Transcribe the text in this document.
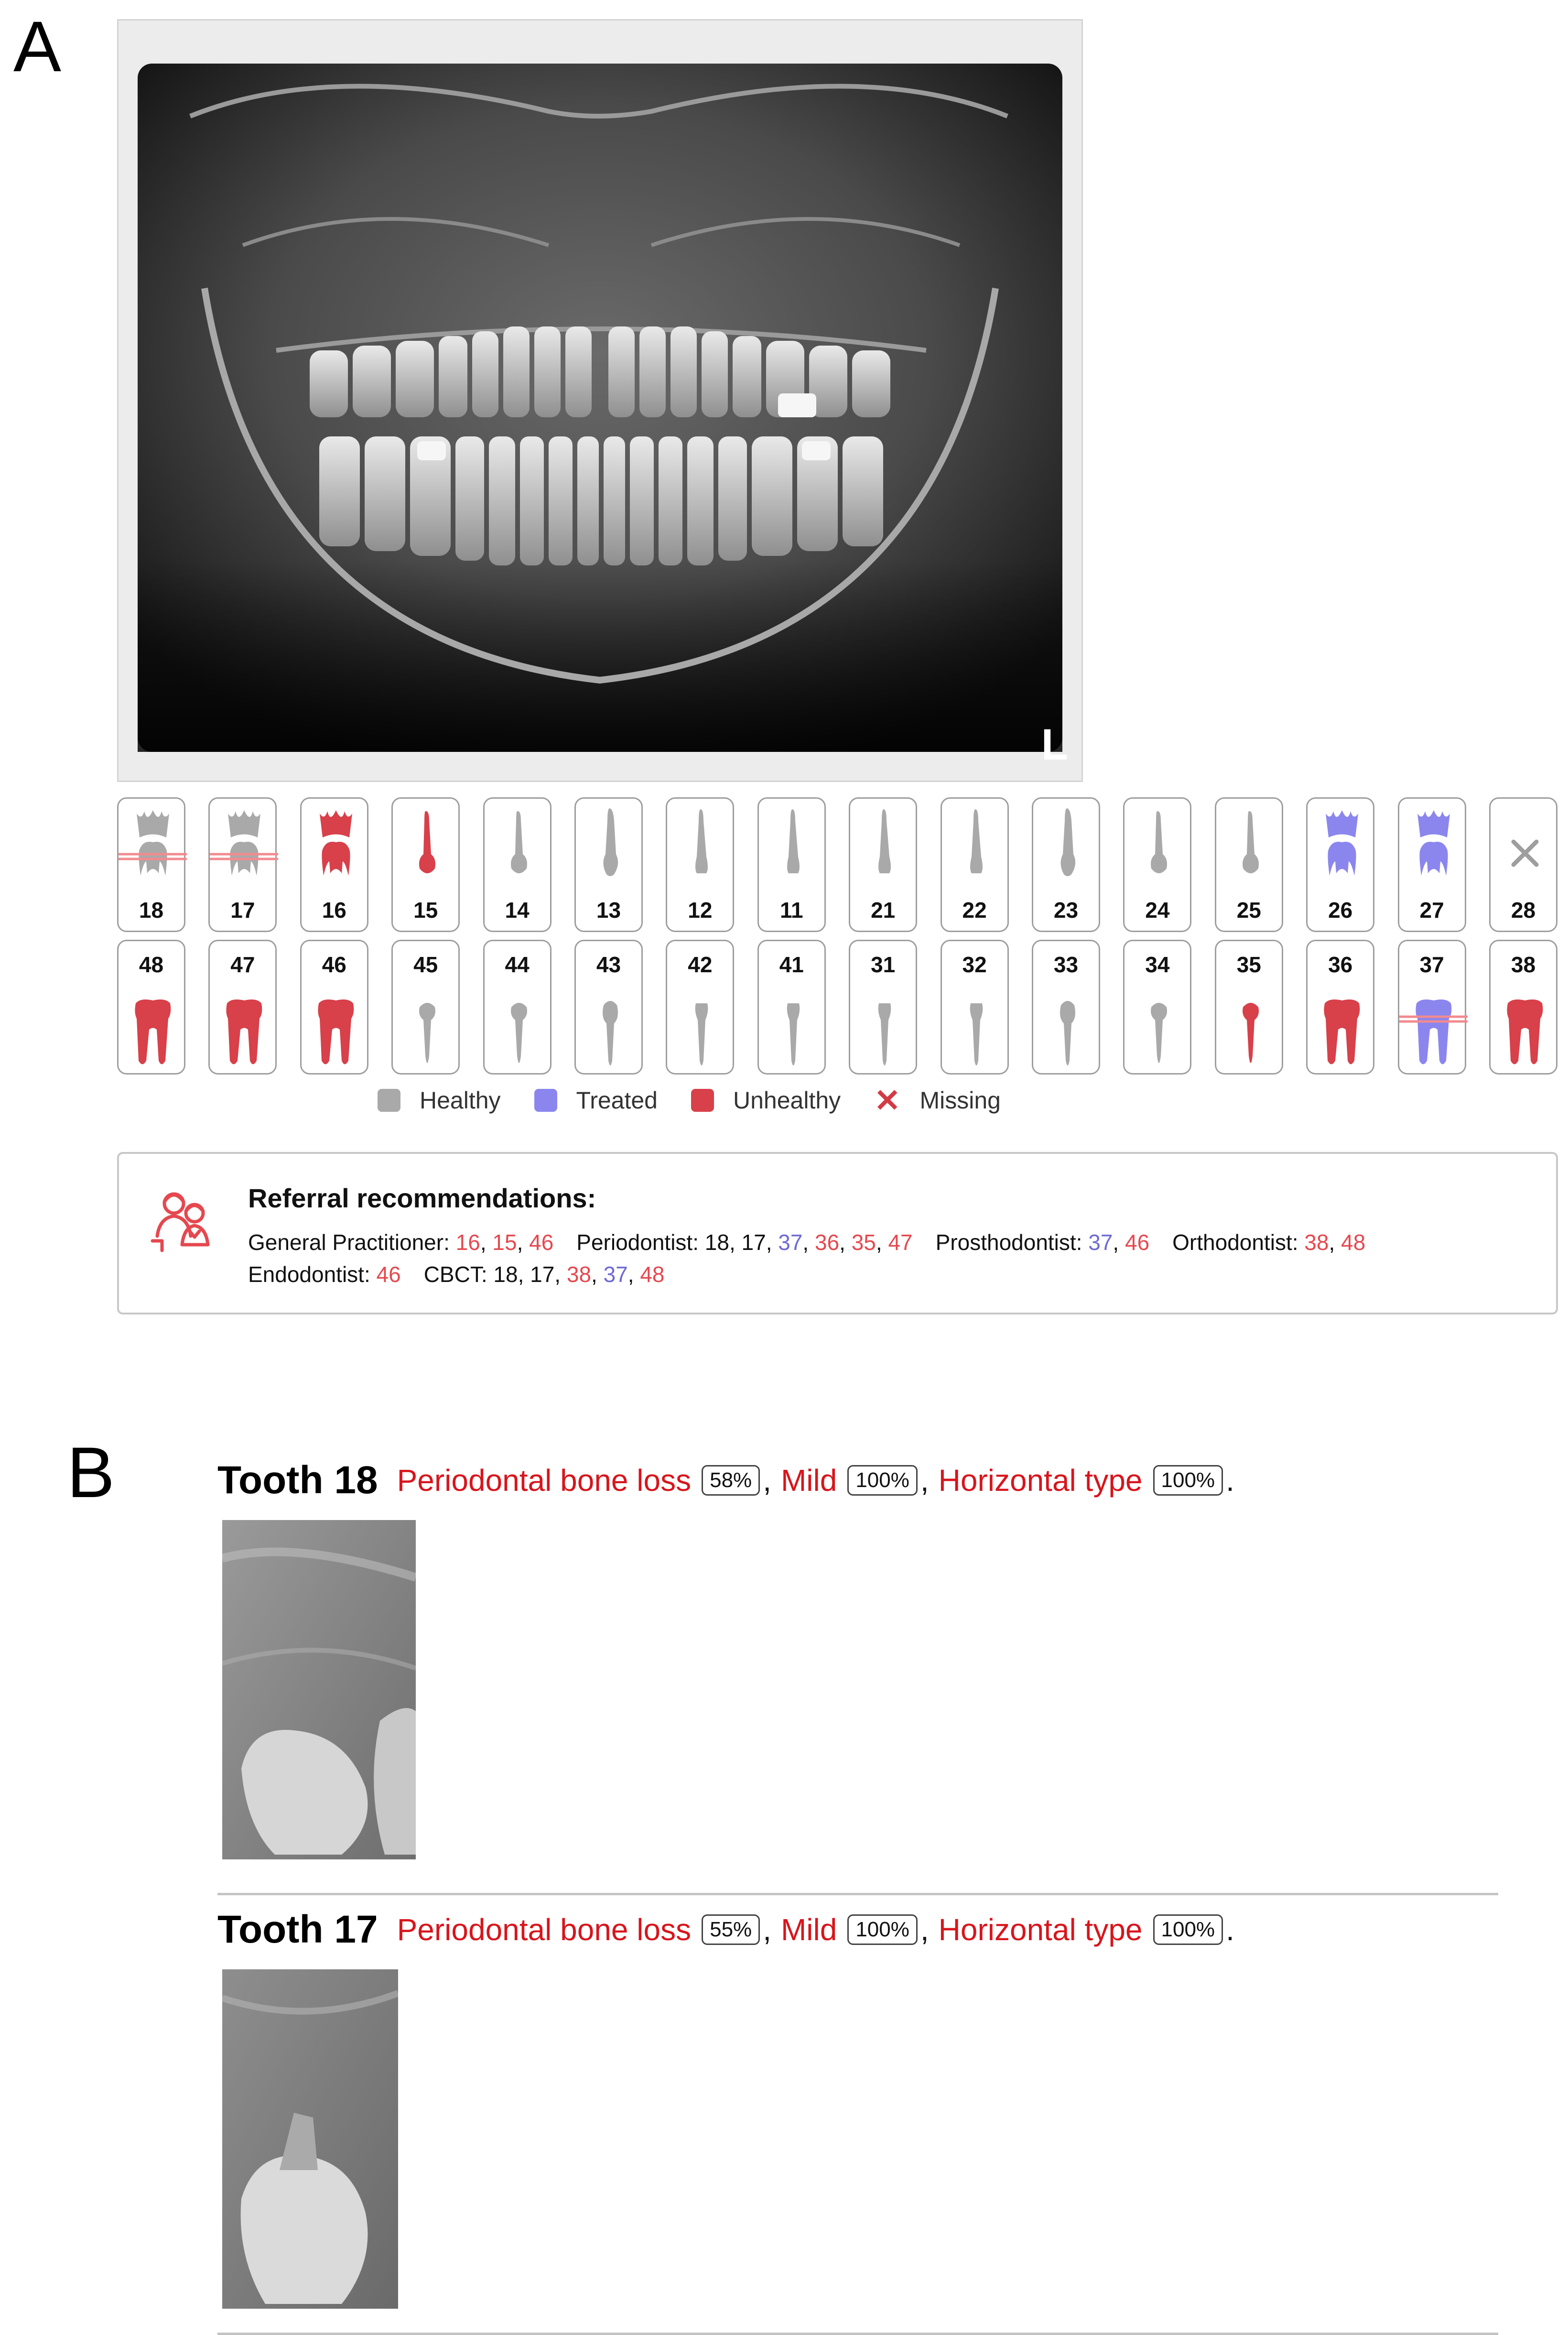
A
L
18	17	16	15	14	13	12	11	21	22	23	24	25	26	27	28
48	47	46	45	44	43	42	41	31	32	33	34	35	36	37	38
Healthy	Treated	Unhealthy ✕ Missing
Referral recommendations:
General Practitioner: 16, 15, 46 Periodontist: 18, 17, 37, 36, 35, 47 Prosthodontist: 37, 46 Orthodontist: 38, 48
Endodontist: 46 CBCT: 18, 17, 38, 37, 48
B	Tooth 18 Periodontal bone loss 58% , Mild 100% , Horizontal type 100% .
Tooth 17 Periodontal bone loss 55% , Mild 100% , Horizontal type 100% .
